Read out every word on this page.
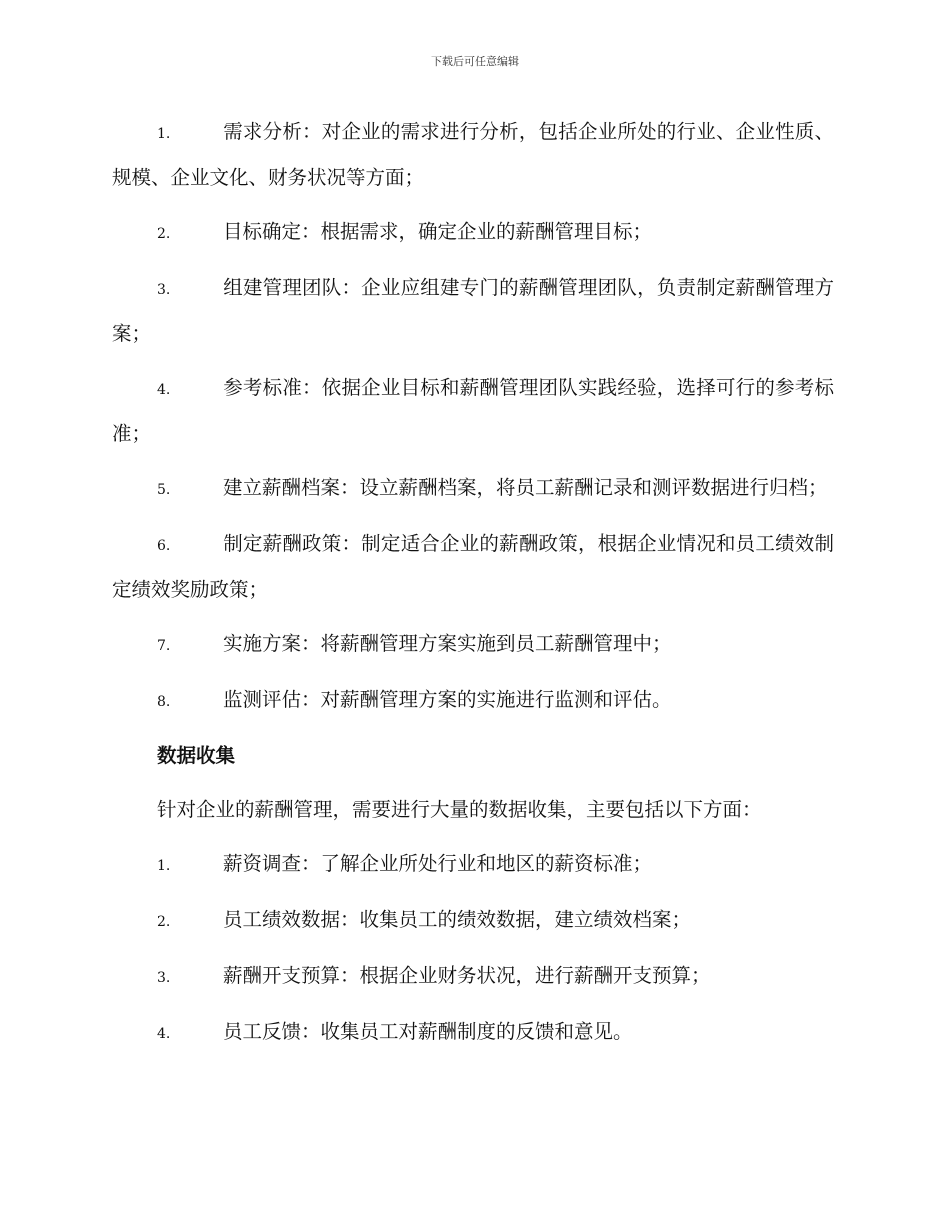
下载后可任意编辑

1.	需求分析：对企业的需求进行分析，包括企业所处的行业、企业性质、规模、企业文化、财务状况等方面；

2.	目标确定：根据需求，确定企业的薪酬管理目标；

3.	组建管理团队：企业应组建专门的薪酬管理团队，负责制定薪酬管理方案；

4.	参考标准：依据企业目标和薪酬管理团队实践经验，选择可行的参考标准；

5.	建立薪酬档案：设立薪酬档案，将员工薪酬记录和测评数据进行归档；

6.	制定薪酬政策：制定适合企业的薪酬政策，根据企业情况和员工绩效制定绩效奖励政策；

7.	实施方案：将薪酬管理方案实施到员工薪酬管理中；

8.	监测评估：对薪酬管理方案的实施进行监测和评估。

数据收集

针对企业的薪酬管理，需要进行大量的数据收集，主要包括以下方面：

1.	薪资调查：了解企业所处行业和地区的薪资标准；

2.	员工绩效数据：收集员工的绩效数据，建立绩效档案；

3.	薪酬开支预算：根据企业财务状况，进行薪酬开支预算；

4.	员工反馈：收集员工对薪酬制度的反馈和意见。
